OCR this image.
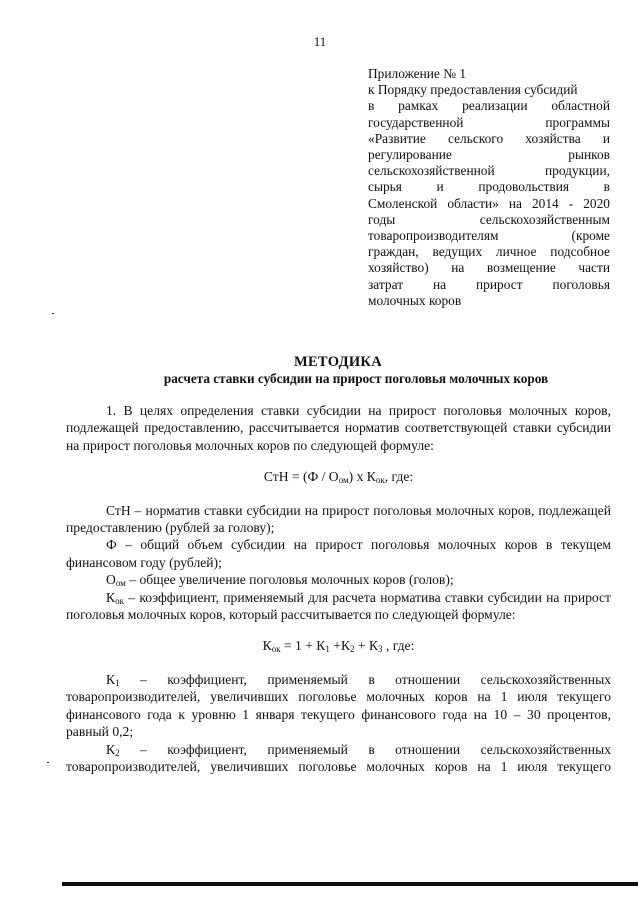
11
Приложение № 1
к Порядку предоставления субсидий
в рамках реализации областной
государственной программы
«Развитие сельского хозяйства и
регулирование рынков
сельскохозяйственной продукции,
сырья и продовольствия в
Смоленской области» на 2014 - 2020
годы сельскохозяйственным
товаропроизводителям (кроме
граждан, ведущих личное подсобное
хозяйство) на возмещение части
затрат на прирост поголовья
молочных коров
МЕТОДИКА
расчета ставки субсидии на прирост поголовья молочных коров

1. В целях определения ставки субсидии на прирост поголовья молочных коров, подлежащей предоставлению, рассчитывается норматив соответствующей ставки субсидии на прирост поголовья молочных коров по следующей формуле:

СтН = $(Ф / О_{ом})$ х $К_{ок}$, где:

СтН – норматив ставки субсидии на прирост поголовья молочных коров, подлежащей предоставлению (рублей за голову);

Ф – общий объем субсидии на прирост поголовья молочных коров в текущем финансовом году (рублей);

$О_{ом}$ – общее увеличение поголовья молочных коров (голов);

$К_{ок}$ – коэффициент, применяемый для расчета норматива ставки субсидии на прирост поголовья молочных коров, который рассчитывается по следующей формуле:

$К_{ок} = 1 + К_1 +К_2 + К_3$ , где:

$К_1$ – коэффициент, применяемый в отношении сельскохозяйственных товаропроизводителей, увеличивших поголовье молочных коров на 1 июля текущего финансового года к уровню 1 января текущего финансового года на 10 – 30 процентов, равный 0,2;

$К_2$ – коэффициент, применяемый в отношении сельскохозяйственных товаропроизводителей, увеличивших поголовье молочных коров на 1 июля текущего
